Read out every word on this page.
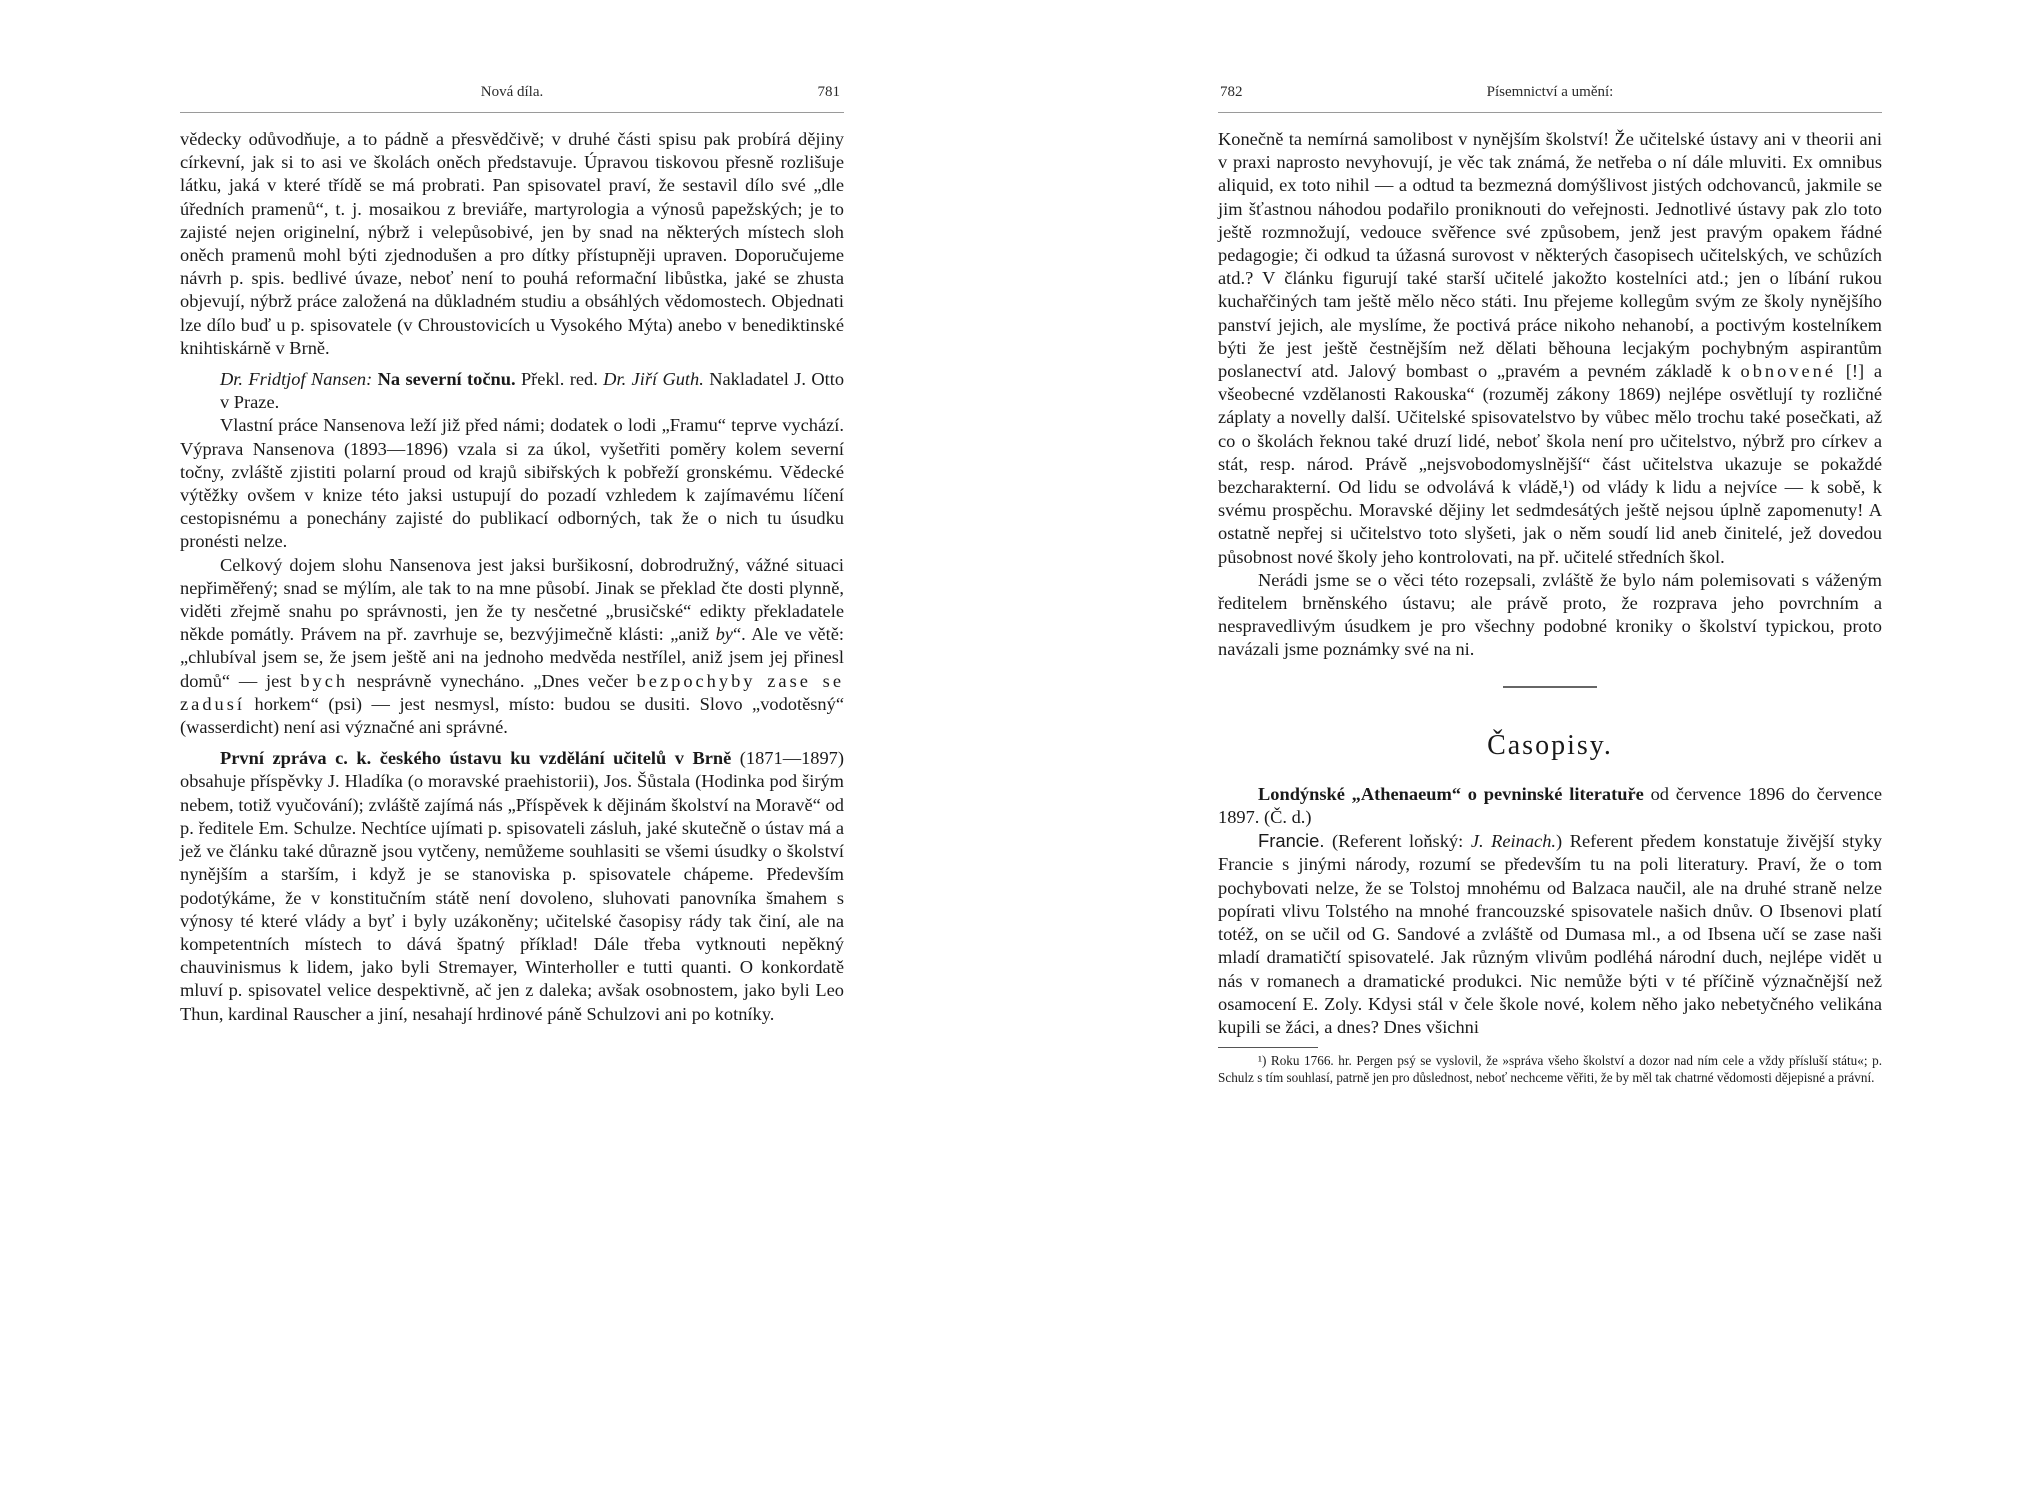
Nová díla.	781

vědecky odůvodňuje, a to pádně a přesvědčivě; v druhé části spisu pak probírá dějiny církevní, jak si to asi ve školách oněch představuje. Úpravou tiskovou přesně rozlišuje látku, jaká v které třídě se má probrati. Pan spisovatel praví, že sestavil dílo své „dle úředních pramenů“, t. j. mosaikou z breviáře, martyrologia a výnosů papežských; je to zajisté nejen originelní, nýbrž i velepůsobivé, jen by snad na některých místech sloh oněch pramenů mohl býti zjednodušen a pro dítky přístupněji upraven. Doporučujeme návrh p. spis. bedlivé úvaze, neboť není to pouhá reformační libůstka, jaké se zhusta objevují, nýbrž práce založená na důkladném studiu a obsáhlých vědomostech. Objednati lze dílo buď u p. spisovatele (v Chroustovicích u Vysokého Mýta) anebo v benediktinské knihtiskárně v Brně.

Dr. Fridtjof Nansen: Na severní točnu. Překl. red. Dr. Jiří Guth. Nakladatel J. Otto v Praze.

Vlastní práce Nansenova leží již před námi; dodatek o lodi „Framu“ teprve vychází. Výprava Nansenova (1893—1896) vzala si za úkol, vyšetřiti poměry kolem severní točny, zvláště zjistiti polarní proud od krajů sibiřských k pobřeží gronskému. Vědecké výtěžky ovšem v knize této jaksi ustupují do pozadí vzhledem k zajímavému líčení cestopisnému a ponechány zajisté do publikací odborných, tak že o nich tu úsudku pronésti nelze.

Celkový dojem slohu Nansenova jest jaksi buršikosní, dobrodružný, vážné situaci nepřiměřený; snad se mýlím, ale tak to na mne působí. Jinak se překlad čte dosti plynně, viděti zřejmě snahu po správnosti, jen že ty nesčetné „brusičské“ edikty překladatele někde pomátly. Právem na př. zavrhuje se, bezvýjimečně klásti: „aniž by“. Ale ve větě: „chlubíval jsem se, že jsem ještě ani na jednoho medvěda nestřílel, aniž jsem jej přinesl domů“ — jest bych nesprávně vynecháno. „Dnes večer bezpochyby zase se zadusí horkem“ (psi) — jest nesmysl, místo: budou se dusiti. Slovo „vodotěsný“ (wasserdicht) není asi význačné ani správné.

První zpráva c. k. českého ústavu ku vzdělání učitelů v Brně (1871—1897) obsahuje příspěvky J. Hladíka (o moravské praehistorii), Jos. Šůstala (Hodinka pod širým nebem, totiž vyučování); zvláště zajímá nás „Příspěvek k dějinám školství na Moravě“ od p. ředitele Em. Schulze. Nechtíce ujímati p. spisovateli zásluh, jaké skutečně o ústav má a jež ve článku také důrazně jsou vytčeny, nemůžeme souhlasiti se všemi úsudky o školství nynějším a starším, i když je se stanoviska p. spisovatele chápeme. Především podotýkáme, že v konstitučním státě není dovoleno, sluhovati panovníka šmahem s výnosy té které vlády a byť i byly uzákoněny; učitelské časopisy rády tak činí, ale na kompetentních místech to dává špatný příklad! Dále třeba vytknouti nepěkný chauvinismus k lidem, jako byli Stremayer, Winterholler e tutti quanti. O konkordatě mluví p. spisovatel velice despektivně, ač jen z daleka; avšak osobnostem, jako byli Leo Thun, kardinal Rauscher a jiní, nesahají hrdinové páně Schulzovi ani po kotníky.

782	Písemnictví a umění:

Konečně ta nemírná samolibost v nynějším školství! Že učitelské ústavy ani v theorii ani v praxi naprosto nevyhovují, je věc tak známá, že netřeba o ní dále mluviti. Ex omnibus aliquid, ex toto nihil — a odtud ta bezmezná domýšlivost jistých odchovanců, jakmile se jim šťastnou náhodou podařilo proniknouti do veřejnosti. Jednotlivé ústavy pak zlo toto ještě rozmnožují, vedouce svěřence své způsobem, jenž jest pravým opakem řádné pedagogie; či odkud ta úžasná surovost v některých časopisech učitelských, ve schůzích atd.? V článku figurují také starší učitelé jakožto kostelníci atd.; jen o líbání rukou kuchařčiných tam ještě mělo něco státi. Inu přejeme kollegům svým ze školy nynějšího panství jejich, ale myslíme, že poctivá práce nikoho nehanobí, a poctivým kostelníkem býti že jest ještě čestnějším než dělati běhouna lecjakým pochybným aspirantům poslanectví atd. Jalový bombast o „pravém a pevném základě k obnovené [!] a všeobecné vzdělanosti Rakouska“ (rozuměj zákony 1869) nejlépe osvětlují ty rozličné záplaty a novelly další. Učitelské spisovatelstvo by vůbec mělo trochu také posečkati, až co o školách řeknou také druzí lidé, neboť škola není pro učitelstvo, nýbrž pro církev a stát, resp. národ. Právě „nejsvobodomyslnější“ část učitelstva ukazuje se pokaždé bezcharakterní. Od lidu se odvolává k vládě,¹) od vlády k lidu a nejvíce — k sobě, k svému prospěchu. Moravské dějiny let sedmdesátých ještě nejsou úplně zapomenuty! A ostatně nepřej si učitelstvo toto slyšeti, jak o něm soudí lid aneb činitelé, jež dovedou působnost nové školy jeho kontrolovati, na př. učitelé středních škol.

Nerádi jsme se o věci této rozepsali, zvláště že bylo nám polemisovati s váženým ředitelem brněnského ústavu; ale právě proto, že rozprava jeho povrchním a nespravedlivým úsudkem je pro všechny podobné kroniky o školství typickou, proto navázali jsme poznámky své na ni.

Časopisy.

Londýnské „Athenaeum“ o pevninské literatuře od července 1896 do července 1897. (Č. d.)

Francie. (Referent loňský: J. Reinach.) Referent předem konstatuje živější styky Francie s jinými národy, rozumí se především tu na poli literatury. Praví, že o tom pochybovati nelze, že se Tolstoj mnohému od Balzaca naučil, ale na druhé straně nelze popírati vlivu Tolstého na mnohé francouzské spisovatele našich dnův. O Ibsenovi platí totéž, on se učil od G. Sandové a zvláště od Dumasa ml., a od Ibsena učí se zase naši mladí dramatičtí spisovatelé. Jak různým vlivům podléhá národní duch, nejlépe vidět u nás v romanech a dramatické produkci. Nic nemůže býti v té příčině význačnější než osamocení E. Zoly. Kdysi stál v čele škole nové, kolem něho jako nebetyčného velikána kupili se žáci, a dnes? Dnes všichni

¹) Roku 1766. hr. Pergen psý se vyslovil, že »správa všeho školství a dozor nad ním cele a vždy přísluší státu«; p. Schulz s tím souhlasí, patrně jen pro důslednost, neboť nechceme věřiti, že by měl tak chatrné vědomosti dějepisné a právní.
